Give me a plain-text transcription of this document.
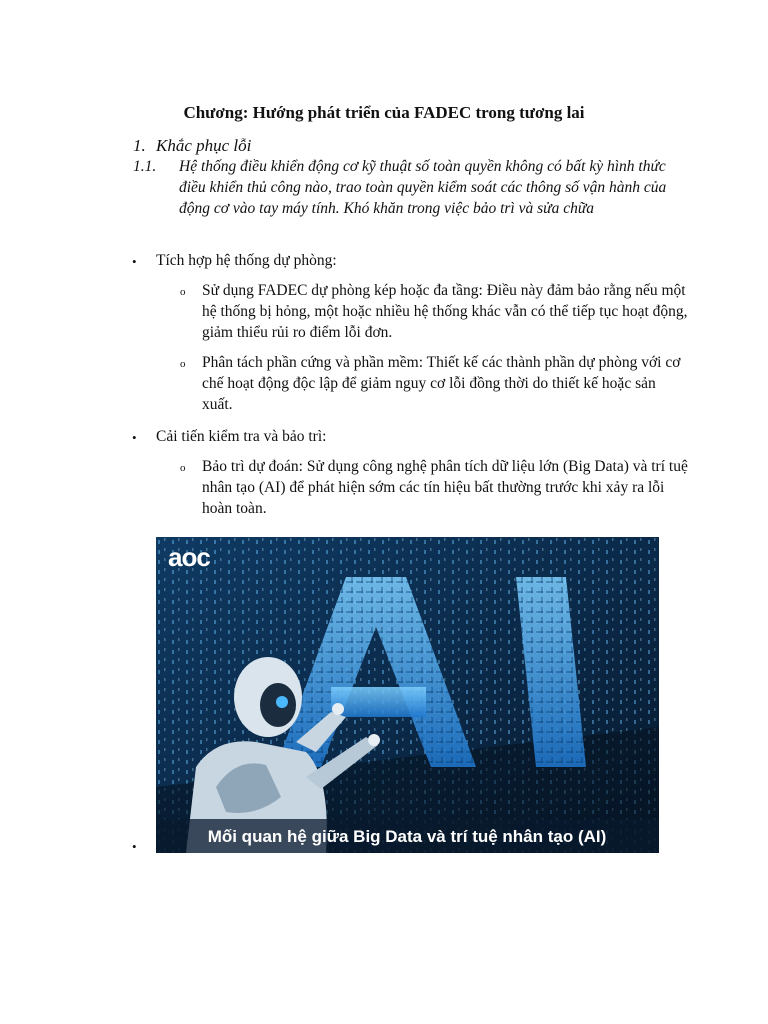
Chương: Hướng phát triển của FADEC trong tương lai
1. Khắc phục lỗi
1.1. Hệ thống điều khiển động cơ kỹ thuật số toàn quyền không có bất kỳ hình thức điều khiển thủ công nào, trao toàn quyền kiểm soát các thông số vận hành của động cơ vào tay máy tính. Khó khăn trong việc bảo trì và sửa chữa
• Tích hợp hệ thống dự phòng:
o Sử dụng FADEC dự phòng kép hoặc đa tầng: Điều này đảm bảo rằng nếu một hệ thống bị hỏng, một hoặc nhiều hệ thống khác vẫn có thể tiếp tục hoạt động, giảm thiểu rủi ro điểm lỗi đơn.
o Phân tách phần cứng và phần mềm: Thiết kế các thành phần dự phòng với cơ chế hoạt động độc lập để giảm nguy cơ lỗi đồng thời do thiết kế hoặc sản xuất.
• Cải tiến kiểm tra và bảo trì:
o Bảo trì dự đoán: Sử dụng công nghệ phân tích dữ liệu lớn (Big Data) và trí tuệ nhân tạo (AI) để phát hiện sớm các tín hiệu bất thường trước khi xảy ra lỗi hoàn toàn.
•
aoc
Mối quan hệ giữa Big Data và trí tuệ nhân tạo (AI)
